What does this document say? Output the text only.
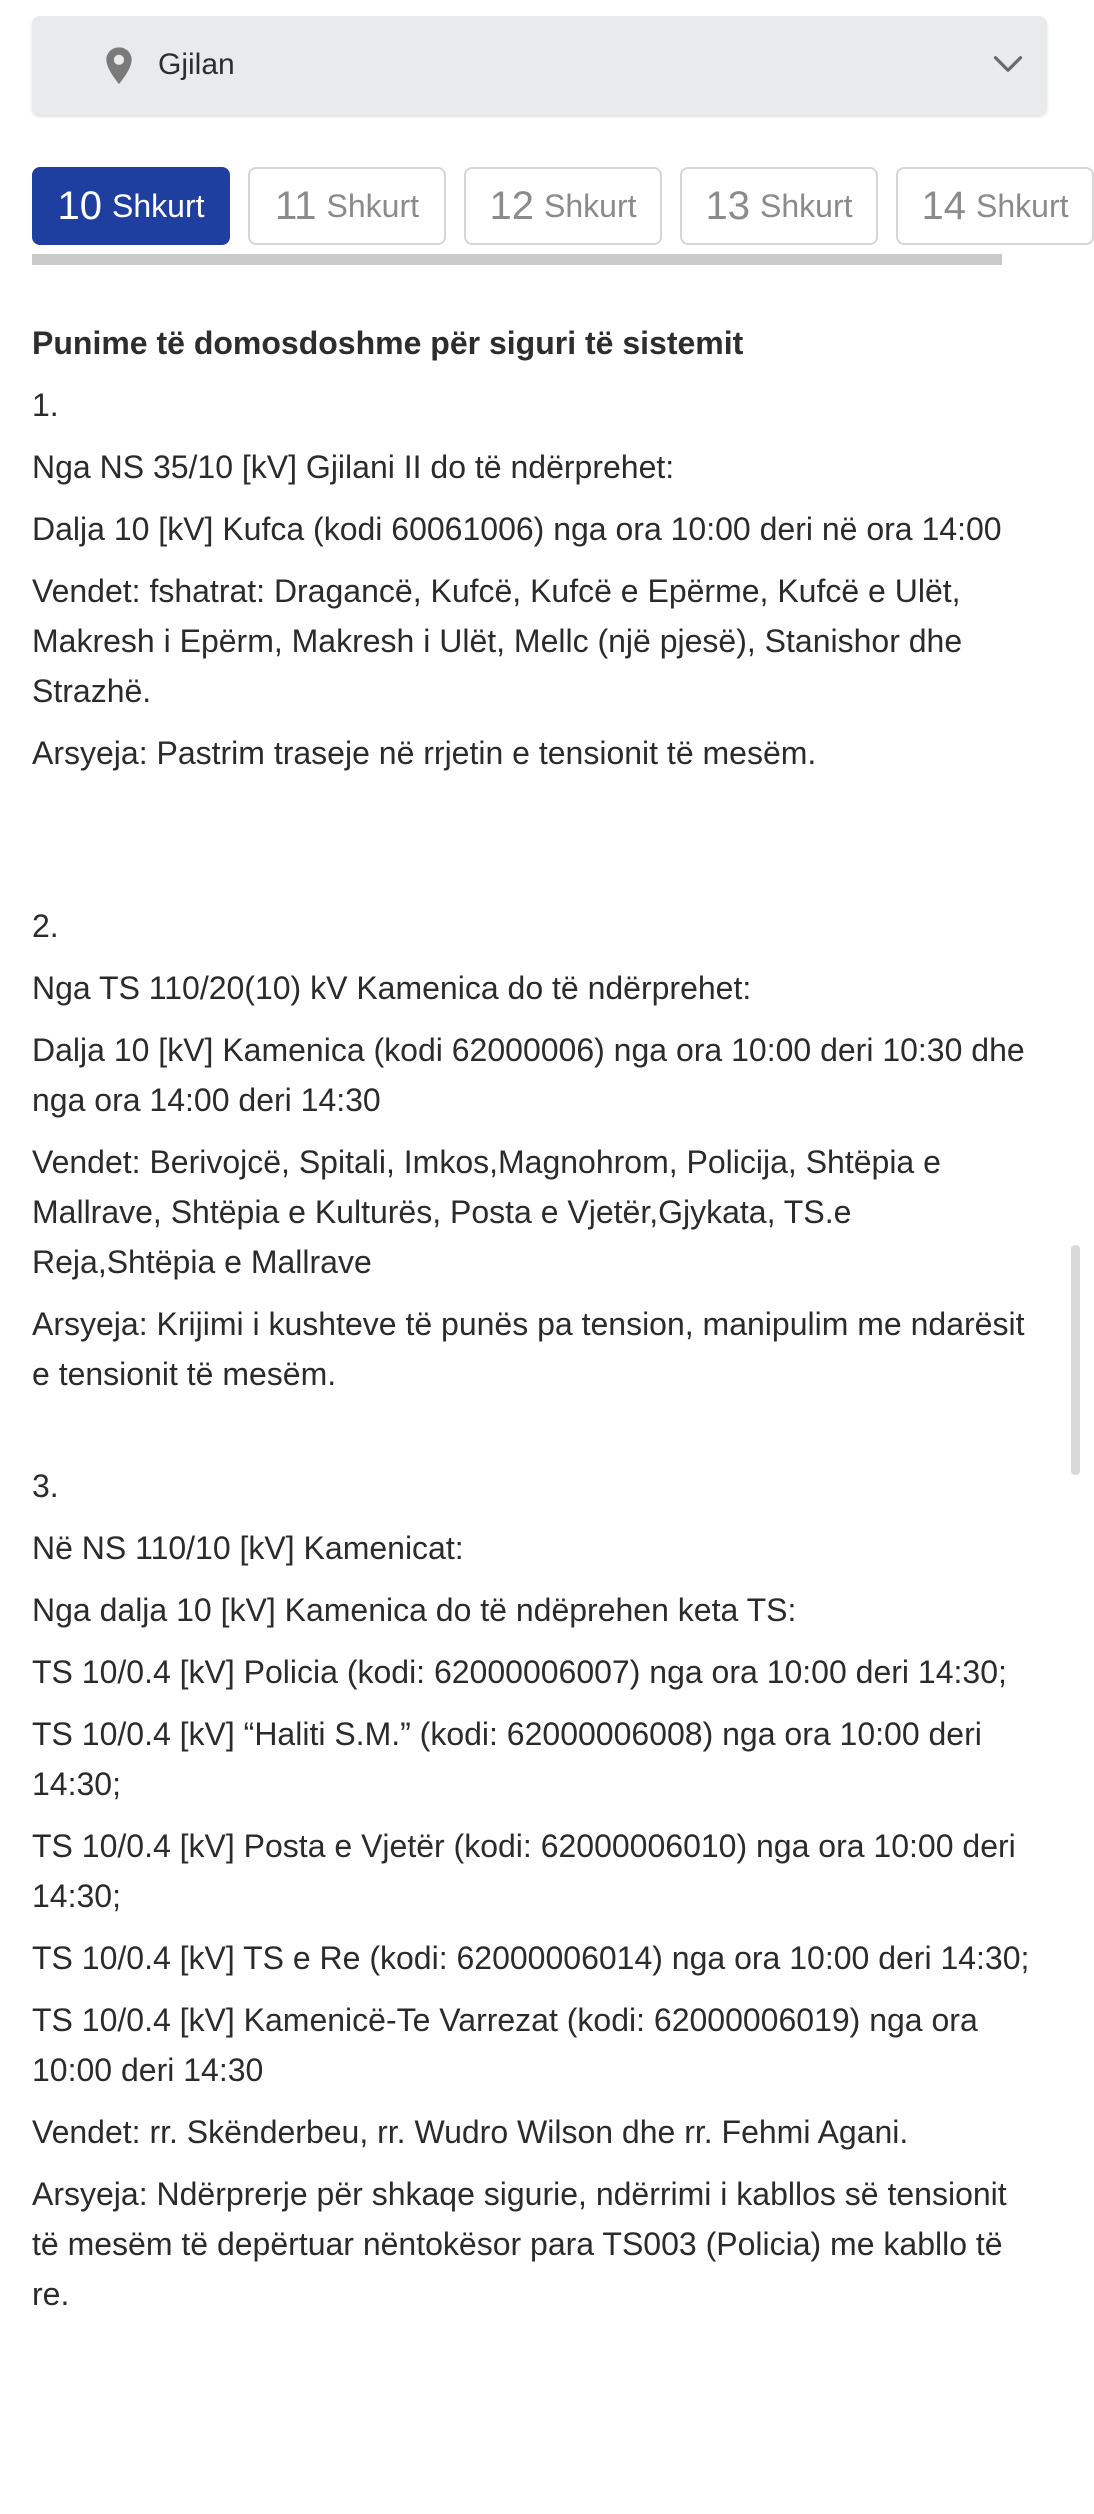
Gjilan
10 Shkurt 11 Shkurt 12 Shkurt 13 Shkurt 14 Shkurt

Punime të domosdoshme për siguri të sistemit

1.

Nga NS 35/10 [kV] Gjilani II do të ndërprehet:

Dalja 10 [kV] Kufca (kodi 60061006) nga ora 10:00 deri në ora 14:00

Vendet: fshatrat: Dragancë, Kufcë, Kufcë e Epërme, Kufcë e Ulët, Makresh i Epërm, Makresh i Ulët, Mellc (një pjesë), Stanishor dhe Strazhë.

Arsyeja: Pastrim traseje në rrjetin e tensionit të mesëm.

2.

Nga TS 110/20(10) kV Kamenica do të ndërprehet:

Dalja 10 [kV] Kamenica (kodi 62000006) nga ora 10:00 deri 10:30 dhe nga ora 14:00 deri 14:30

Vendet: Berivojcë, Spitali, Imkos,Magnohrom, Policija, Shtëpia e Mallrave, Shtëpia e Kulturës, Posta e Vjetër,Gjykata, TS.e Reja,Shtëpia e Mallrave

Arsyeja: Krijimi i kushteve të punës pa tension, manipulim me ndarësit e tensionit të mesëm.

3.

Në NS 110/10 [kV] Kamenicat:

Nga dalja 10 [kV] Kamenica do të ndëprehen keta TS:

TS 10/0.4 [kV] Policia (kodi: 62000006007) nga ora 10:00 deri 14:30;

TS 10/0.4 [kV] “Haliti S.M.” (kodi: 62000006008) nga ora 10:00 deri 14:30;

TS 10/0.4 [kV] Posta e Vjetër (kodi: 62000006010) nga ora 10:00 deri 14:30;

TS 10/0.4 [kV] TS e Re (kodi: 62000006014) nga ora 10:00 deri 14:30;

TS 10/0.4 [kV] Kamenicë-Te Varrezat (kodi: 62000006019) nga ora 10:00 deri 14:30

Vendet: rr. Skënderbeu, rr. Wudro Wilson dhe rr. Fehmi Agani.

Arsyeja: Ndërprerje për shkaqe sigurie, ndërrimi i kabllos së tensionit të mesëm të depërtuar nëntokësor para TS003 (Policia) me kabllo të re.
